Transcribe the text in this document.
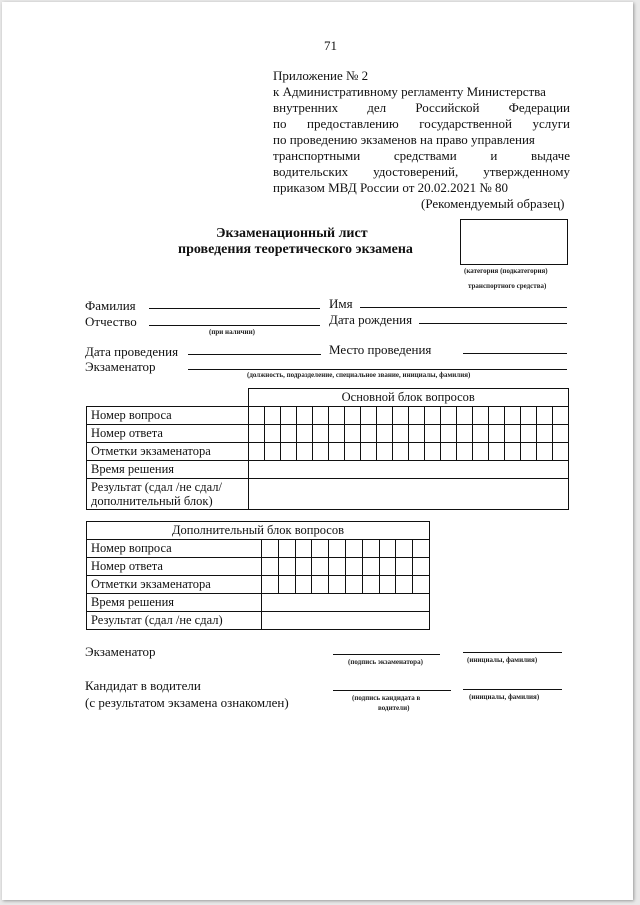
71
Приложение № 2
к Административному регламенту Министерства
внутренних дел Российской Федерации
по предоставлению государственной услуги
по проведению экзаменов на право управления
транспортными	средствами	и	выдаче
водительских удостоверений, утвержденному
приказом МВД России от 20.02.2021 № 80
(Рекомендуемый образец)
Экзаменационный лист
проведения теоретического экзамена
(категория (подкатегория)
транспортного средства)
Фамилия	Имя
Отчество
(при наличии)
Дата рождения
Дата проведения	Место проведения
Экзаменатор
(должность, подразделение, специальное звание, инициалы, фамилия)
	Основной блок вопросов																			
Номер вопроса																				
Номер ответа																				
Отметки экзаменатора																				
Время решения																				
Результат (сдал /не сдал/
дополнительный блок)																				
Дополнительный блок вопросов										
Номер вопроса										
Номер ответа										
Отметки экзаменатора										
Время решения										
Результат (сдал /не сдал)										
Экзаменатор
(подпись экзаменатора)	(инициалы, фамилия)
Кандидат в водители
(с результатом экзамена ознакомлен)	(подпись кандидата в
водители)
(инициалы, фамилия)
